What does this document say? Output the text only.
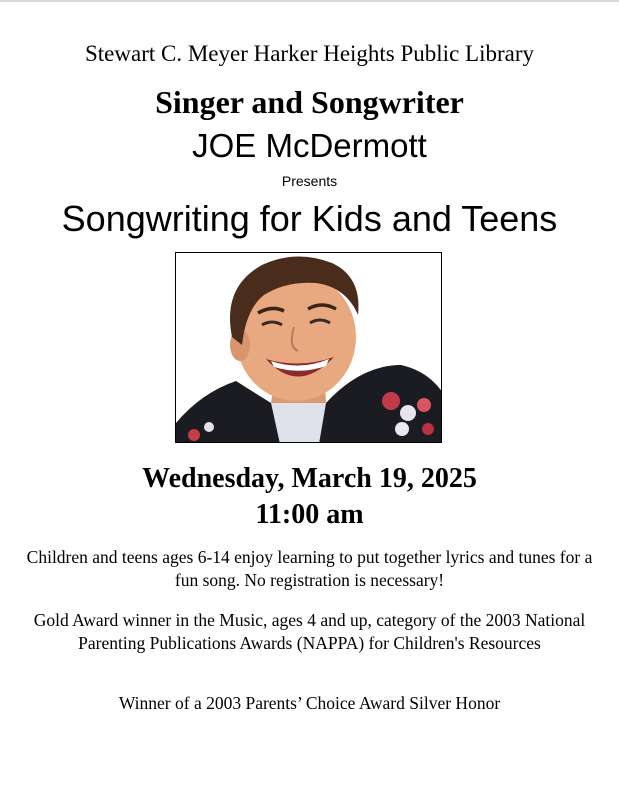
Stewart C. Meyer Harker Heights Public Library
Singer and Songwriter
JOE McDermott
Presents
Songwriting for Kids and Teens
Wednesday, March 19, 2025
11:00 am
Children and teens ages 6-14 enjoy learning to put together lyrics and tunes for a fun song. No registration is necessary!
Gold Award winner in the Music, ages 4 and up, category of the 2003 National Parenting Publications Awards (NAPPA) for Children's Resources
Winner of a 2003 Parents’ Choice Award Silver Honor
